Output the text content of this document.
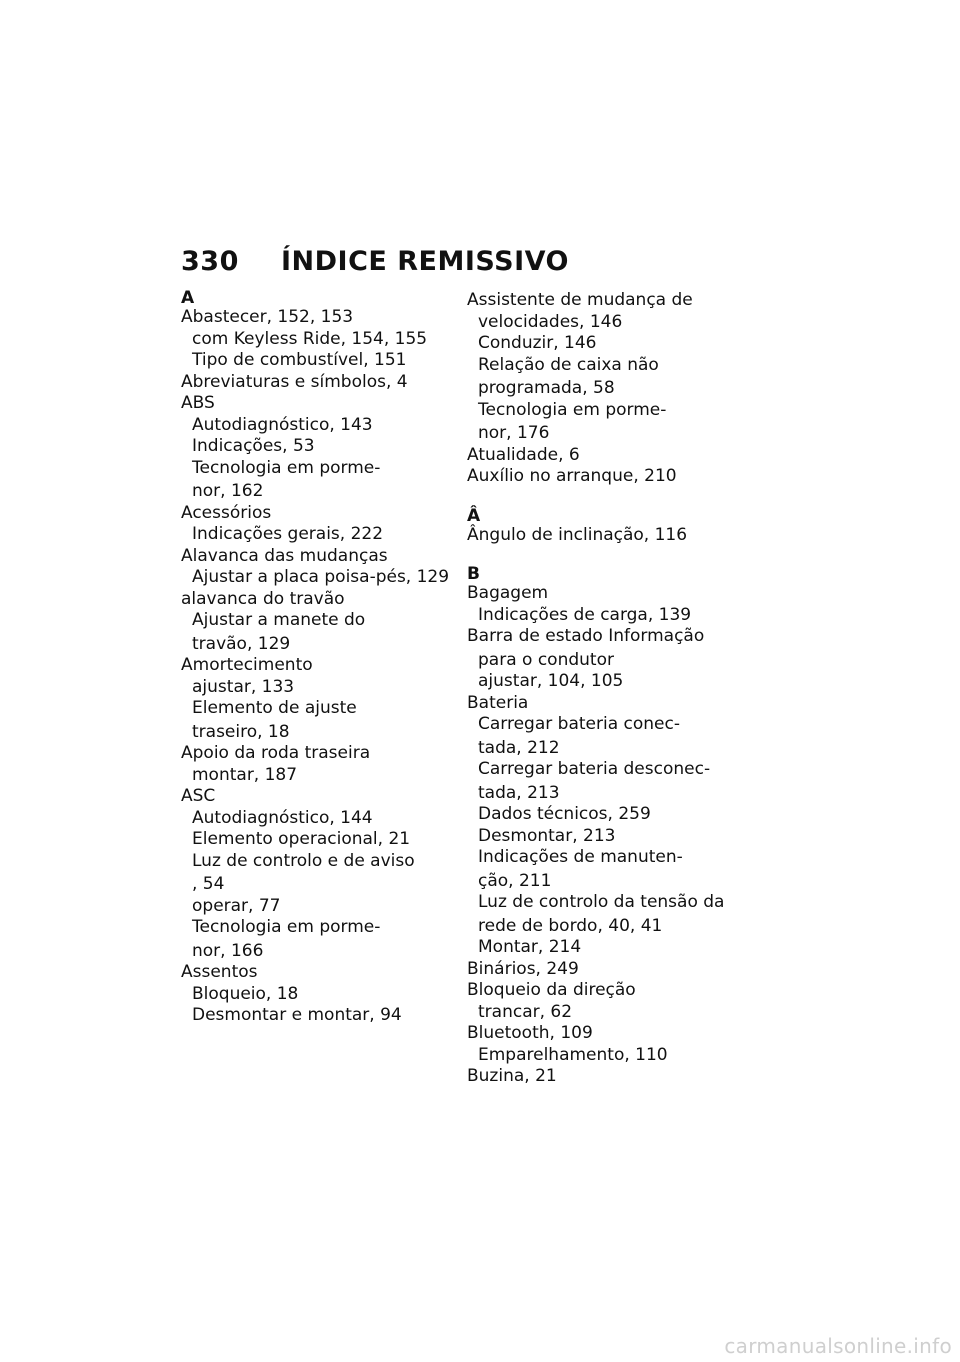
330	ÍNDICE REMISSIVO
A
Abastecer, 152, 153
com Keyless Ride, 154, 155
Tipo de combustível, 151
Abreviaturas e símbolos, 4
ABS
Autodiagnóstico, 143
Indicações, 53
Tecnologia em porme-
nor, 162
Acessórios
Indicações gerais, 222
Alavanca das mudanças
Ajustar a placa poisa-pés, 129
alavanca do travão
Ajustar a manete do
travão, 129
Amortecimento
ajustar, 133
Elemento de ajuste
traseiro, 18
Apoio da roda traseira
montar, 187
ASC
Autodiagnóstico, 144
Elemento operacional, 21
Luz de controlo e de aviso
, 54
operar, 77
Tecnologia em porme-
nor, 166
Assentos
Bloqueio, 18
Desmontar e montar, 94
Assistente de mudança de
velocidades, 146
Conduzir, 146
Relação de caixa não
programada, 58
Tecnologia em porme-
nor, 176
Atualidade, 6
Auxílio no arranque, 210
Â
Ângulo de inclinação, 116
B
Bagagem
Indicações de carga, 139
Barra de estado Informação
para o condutor
ajustar, 104, 105
Bateria
Carregar bateria conec-
tada, 212
Carregar bateria desconec-
tada, 213
Dados técnicos, 259
Desmontar, 213
Indicações de manuten-
ção, 211
Luz de controlo da tensão da
rede de bordo, 40, 41
Montar, 214
Binários, 249
Bloqueio da direção
trancar, 62
Bluetooth, 109
Emparelhamento, 110
Buzina, 21
carmanualsonline.info
